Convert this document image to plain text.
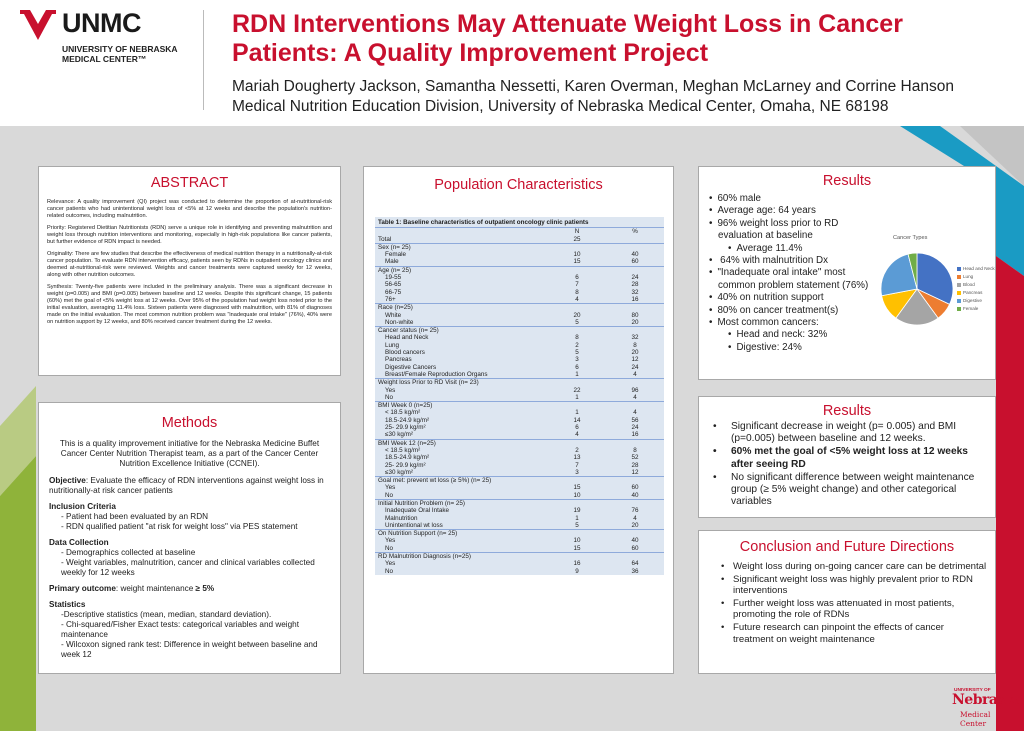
UNMC
UNIVERSITY OF NEBRASKA
MEDICAL CENTER™
RDN Interventions May Attenuate Weight Loss in Cancer Patients: A Quality Improvement Project
Mariah Dougherty Jackson, Samantha Nessetti, Karen Overman, Meghan McLarney and Corrine Hanson
Medical Nutrition Education Division, University of Nebraska Medical Center, Omaha, NE 68198
ABSTRACT

Relevance: A quality improvement (QI) project was conducted to determine the proportion of at-nutritional-risk cancer patients who had unintentional weight loss of <5% at 12 weeks and describe the population's nutrition-related outcomes, including malnutrition.

Priority: Registered Dietitian Nutritionists (RDN) serve a unique role in identifying and preventing malnutrition and weight loss through nutrition interventions and monitoring, especially in high-risk populations like cancer patients, but further evidence of RDN impact is needed.

Originality: There are few studies that describe the effectiveness of medical nutrition therapy in a nutritionally-at-risk cancer population. To evaluate RDN intervention efficacy, patients seen by RDNs in outpatient oncology clinics and deemed at-nutritional-risk were reviewed. Weights and cancer treatments were captured weekly for 12 weeks, along with other nutrition outcomes.

Synthesis: Twenty-five patients were included in the preliminary analysis. There was a significant decrease in weight (p=0.005) and BMI (p=0.005) between baseline and 12 weeks. Despite this significant change, 15 patients (60%) met the goal of <5% weight loss at 12 weeks. Over 95% of the population had weight loss noted prior to the initial evaluation, averaging 11.4% loss. Sixteen patients were diagnosed with malnutrition, with 81% of diagnoses made on the initial evaluation. The most common nutrition problem was "inadequate oral intake" (76%), 40% were on nutrition support by 12 weeks, and 80% received cancer treatment during the 12 weeks.

Methods
This is a quality improvement initiative for the Nebraska Medicine Buffet Cancer Center Nutrition Therapist team, as a part of the Cancer Center Nutrition Excellence Initiative (CCNEI).
Objective: Evaluate the efficacy of RDN interventions against weight loss in nutritionally-at risk cancer patients
Inclusion Criteria
- Patient had been evaluated by an RDN
- RDN qualified patient "at risk for weight loss" via PES statement
Data Collection
- Demographics collected at baseline
- Weight variables, malnutrition, cancer and clinical variables collected weekly for 12 weeks
Primary outcome: weight maintenance ≥ 5%
Statistics
-Descriptive statistics (mean, median, standard deviation).
- Chi-squared/Fisher Exact tests: categorical variables and weight maintenance
- Wilcoxon signed rank test: Difference in weight between baseline and week 12
Population Characteristics
Table 1: Baseline characteristics of outpatient oncology clinic patients		
	N	%
Total	25	
Sex (n= 25)		
Female	10	40
Male	15	60
Age (n= 25)		
19-55	6	24
56-65	7	28
66-75	8	32
76+	4	16
Race (n=25)		
White	20	80
Non-white	5	20
Cancer status (n= 25)		
Head and Neck	8	32
Lung	2	8
Blood cancers	5	20
Pancreas	3	12
Digestive Cancers	6	24
Breast/Female Reproduction Organs	1	4
Weight loss Prior to RD Visit (n= 23)		
Yes	22	96
No	1	4
BMI Week 0 (n=25)		
< 18.5 kg/m²	1	4
18.5-24.9 kg/m²	14	56
25- 29.9 kg/m²	6	24
≤30 kg/m²	4	16
BMI Week 12 (n=25)		
< 18.5 kg/m²	2	8
18.5-24.9 kg/m²	13	52
25- 29.9 kg/m²	7	28
≤30 kg/m²	3	12
Goal met: prevent wt loss (≥ 5%) (n= 25)		
Yes	15	60
No	10	40
Initial Nutrition Problem (n= 25)		
Inadequate Oral Intake	19	76
Malnutrition	1	4
Unintentional wt loss	5	20
On Nutrition Support (n= 25)		
Yes	10	40
No	15	60
RD Malnutrition Diagnosis (n=25)		
Yes	16	64
No	9	36
Results
• 60% male
• Average age: 64 years
• 96% weight loss prior to RD evaluation at baseline
• Average 11.4%
• 64% with malnutrition Dx
• "Inadequate oral intake" most common problem statement (76%)
• 40% on nutrition support
• 80% on cancer treatment(s)
• Most common cancers:
• Head and neck: 32%
• Digestive: 24%
Cancer Types
Head and Neck
Lung
Blood
Pancreas
Digestive
Female
Results
• Significant decrease in weight (p= 0.005) and BMI (p=0.005) between baseline and 12 weeks.
• 60% met the goal of <5% weight loss at 12 weeks after seeing RD
• No significant difference between weight maintenance group (≥ 5% weight change) and other categorical variables
Conclusion and Future Directions
• Weight loss during on-going cancer care can be detrimental
• Significant weight loss was highly prevalent prior to RDN interventions
• Further weight loss was attenuated in most patients, promoting the role of RDNs
• Future research can pinpoint the effects of cancer treatment on weight maintenance
UNIVERSITY OF
Nebraska
Medical Center
